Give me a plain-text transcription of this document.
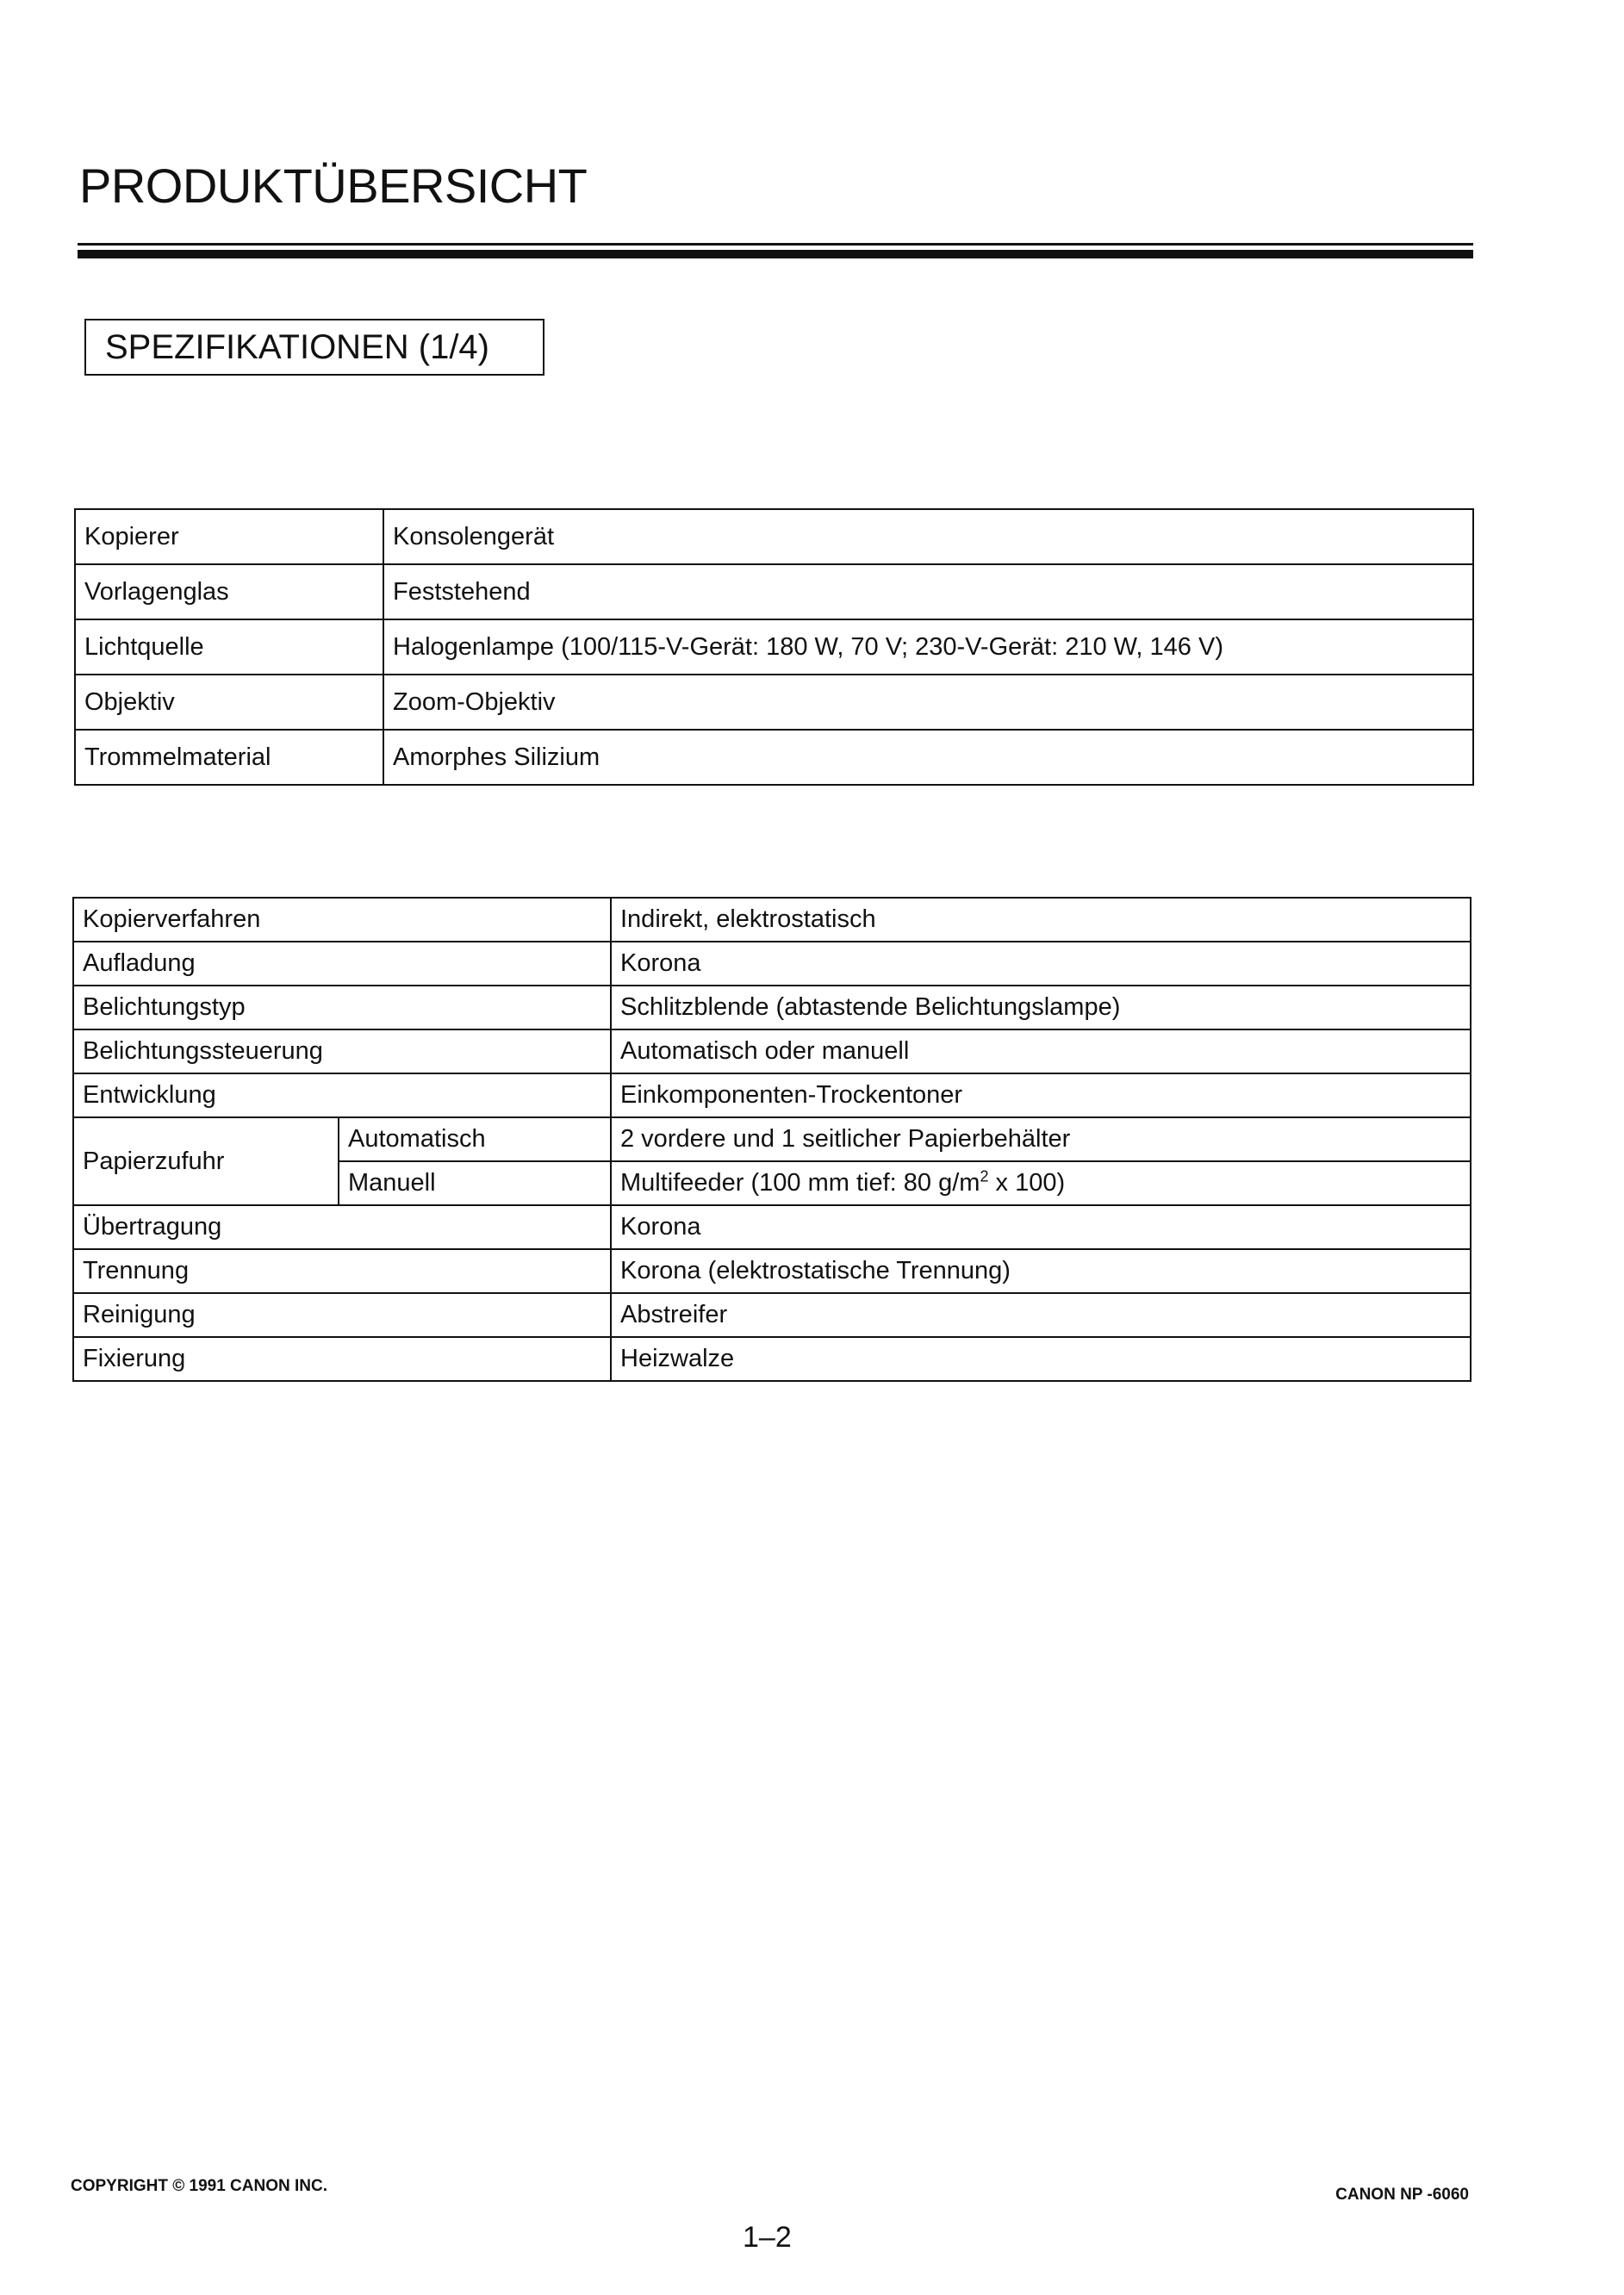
PRODUKTÜBERSICHT
SPEZIFIKATIONEN (1/4)
Kopierer	Konsolengerät
Vorlagenglas	Feststehend
Lichtquelle	Halogenlampe (100/115-V-Gerät: 180 W, 70 V; 230-V-Gerät: 210 W, 146 V)
Objektiv	Zoom-Objektiv
Trommelmaterial	Amorphes Silizium
Kopierverfahren		Indirekt, elektrostatisch
Aufladung		Korona
Belichtungstyp		Schlitzblende (abtastende Belichtungslampe)
Belichtungssteuerung		Automatisch oder manuell
Entwicklung		Einkomponenten-Trockentoner
Papierzufuhr	Automatisch	2 vordere und 1 seitlicher Papierbehälter
	Manuell	Multifeeder (100 mm tief: 80 $g/m^2$ x 100)
Übertragung		Korona
Trennung		Korona (elektrostatische Trennung)
Reinigung		Abstreifer
Fixierung		Heizwalze
COPYRIGHT © 1991 CANON INC.	CANON NP -6060
1–2
